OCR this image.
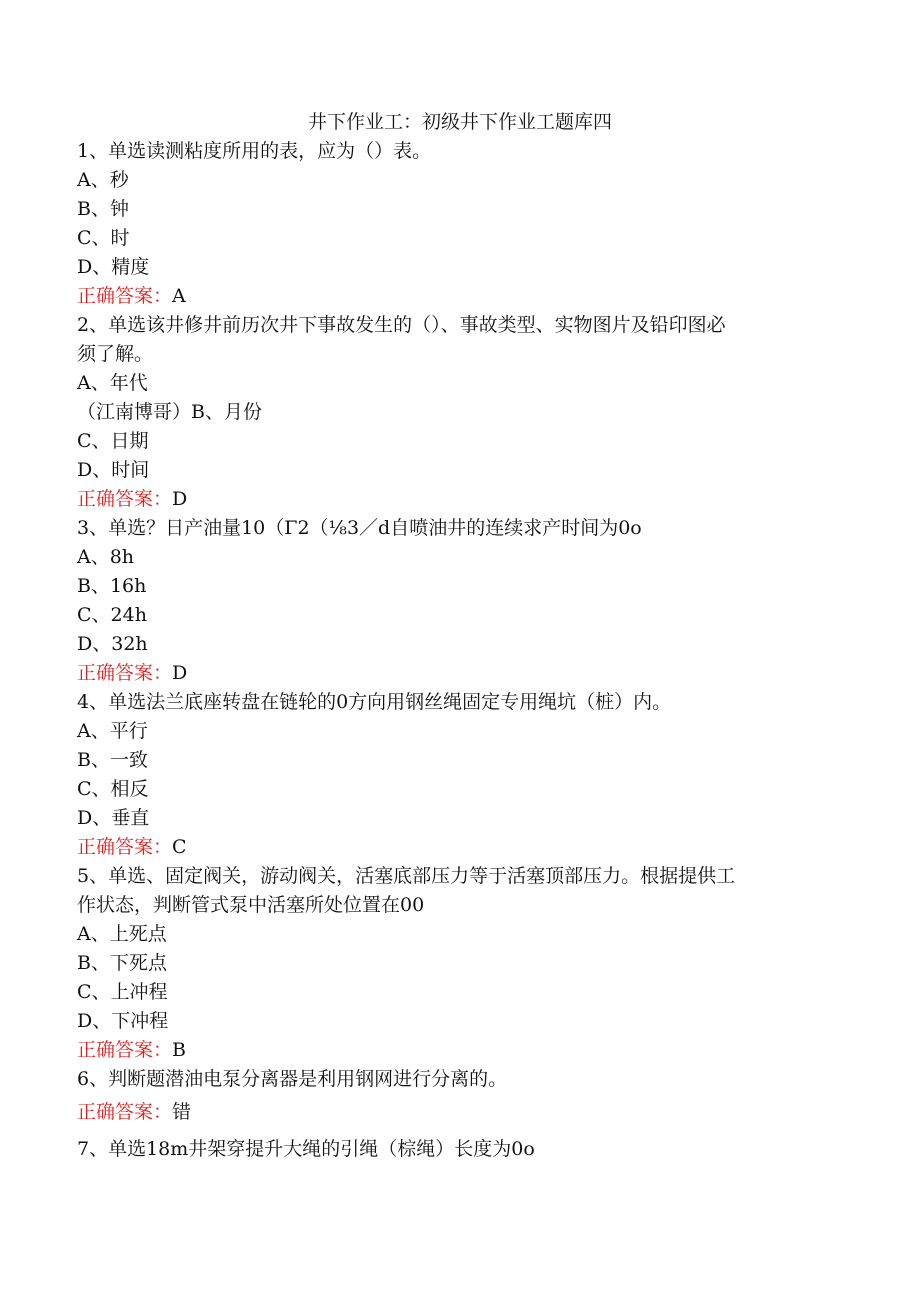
井下作业工：初级井下作业工题库四
1、单选读测粘度所用的表，应为（）表。
A、秒
B、钟
C、时
D、精度
正确答案：A
2、单选该井修井前历次井下事故发生的（）、事故类型、实物图片及铅印图必
须了解。
A、年代
（江南博哥）B、月份
C、日期
D、时间
正确答案：D
3、单选？日产油量10（Γ2（⅛3／d自喷油井的连续求产时间为0o
A、8h
B、16h
C、24h
D、32h
正确答案：D
4、单选法兰底座转盘在链轮的0方向用钢丝绳固定专用绳坑（桩）内。
A、平行
B、一致
C、相反
D、垂直
正确答案：C
5、单选、固定阀关，游动阀关，活塞底部压力等于活塞顶部压力。根据提供工
作状态，判断管式泵中活塞所处位置在00
A、上死点
B、下死点
C、上冲程
D、下冲程
正确答案：B
6、判断题潜油电泵分离器是利用钢网进行分离的。
正确答案：错
7、单选18m井架穿提升大绳的引绳（棕绳）长度为0o
